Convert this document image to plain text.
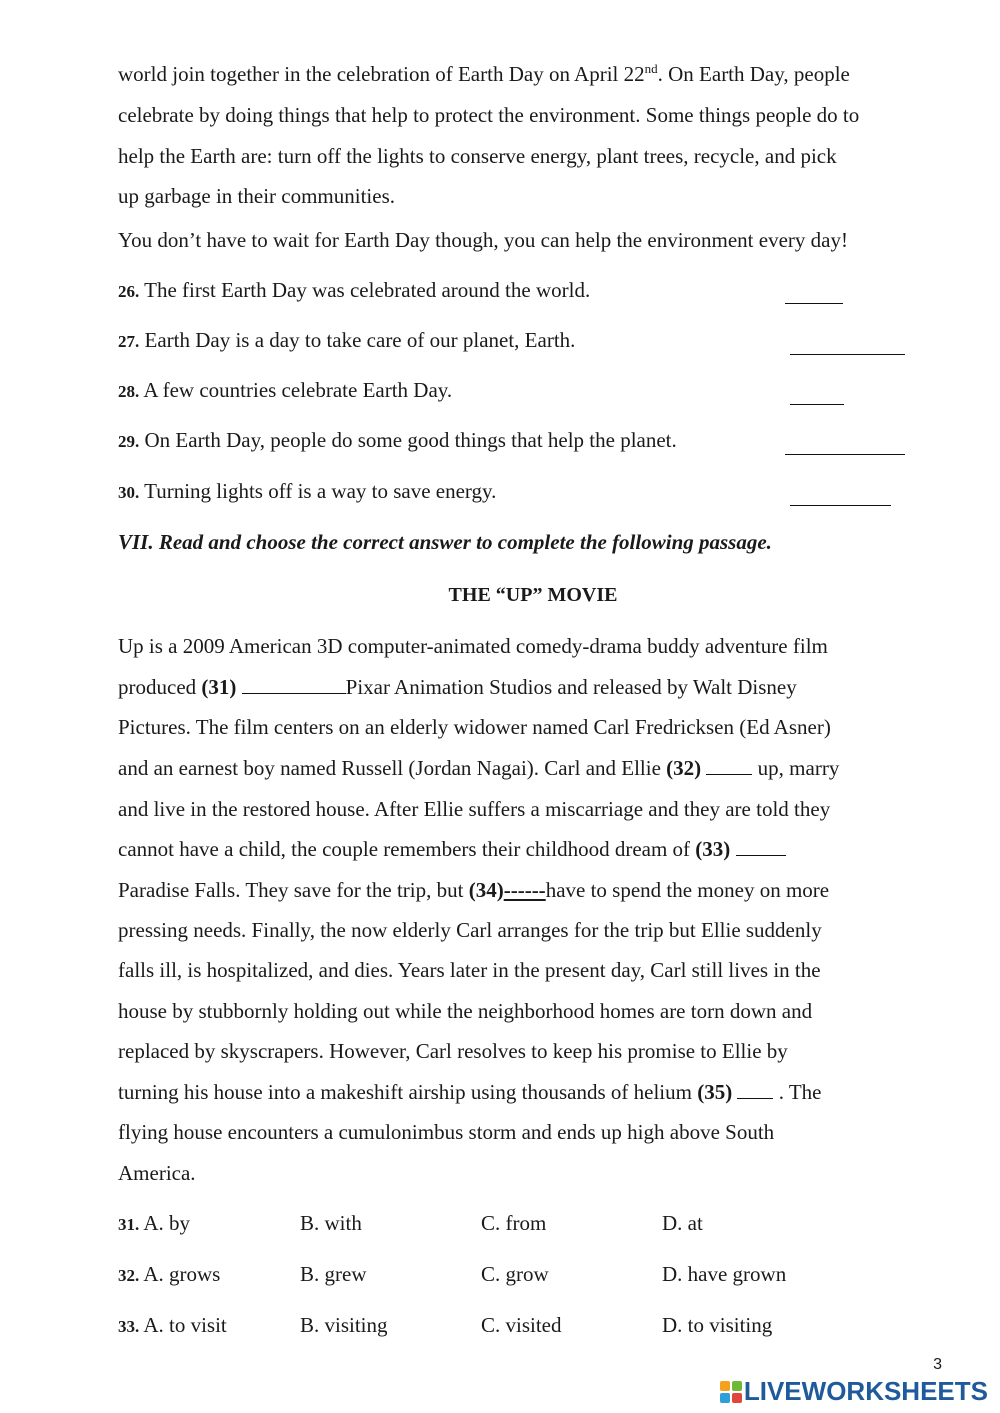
world join together in the celebration of Earth Day on April 22nd. On Earth Day, people
celebrate by doing things that help to protect the environment. Some things people do to
help the Earth are: turn off the lights to conserve energy, plant trees, recycle, and pick
up garbage in their communities.
You don’t have to wait for Earth Day though, you can help the environment every day!
26. The first Earth Day was celebrated around the world.
27. Earth Day is a day to take care of our planet, Earth.
28. A few countries celebrate Earth Day.
29. On Earth Day, people do some good things that help the planet.
30. Turning lights off is a way to save energy.
VII. Read and choose the correct answer to complete the following passage.
THE “UP” MOVIE
Up is a 2009 American 3D computer-animated comedy-drama buddy adventure film
produced (31)	Pixar Animation Studios and released by Walt Disney
Pictures. The film centers on an elderly widower named Carl Fredricksen (Ed Asner)
and an earnest boy named Russell (Jordan Nagai). Carl and Ellie (32)	up, marry
and live in the restored house. After Ellie suffers a miscarriage and they are told they
cannot have a child, the couple remembers their childhood dream of (33)
Paradise Falls. They save for the trip, but (34)------have to spend the money on more
pressing needs. Finally, the now elderly Carl arranges for the trip but Ellie suddenly
falls ill, is hospitalized, and dies. Years later in the present day, Carl still lives in the
house by stubbornly holding out while the neighborhood homes are torn down and
replaced by skyscrapers. However, Carl resolves to keep his promise to Ellie by
turning his house into a makeshift airship using thousands of helium (35) . The
flying house encounters a cumulonimbus storm and ends up high above South
America.
31. A. by	B. with	C. from	D. at
32. A. grows	B. grew	C. grow	D. have grown
33. A. to visit	B. visiting	C. visited	D. to visiting
3
LIVEWORKSHEETS
